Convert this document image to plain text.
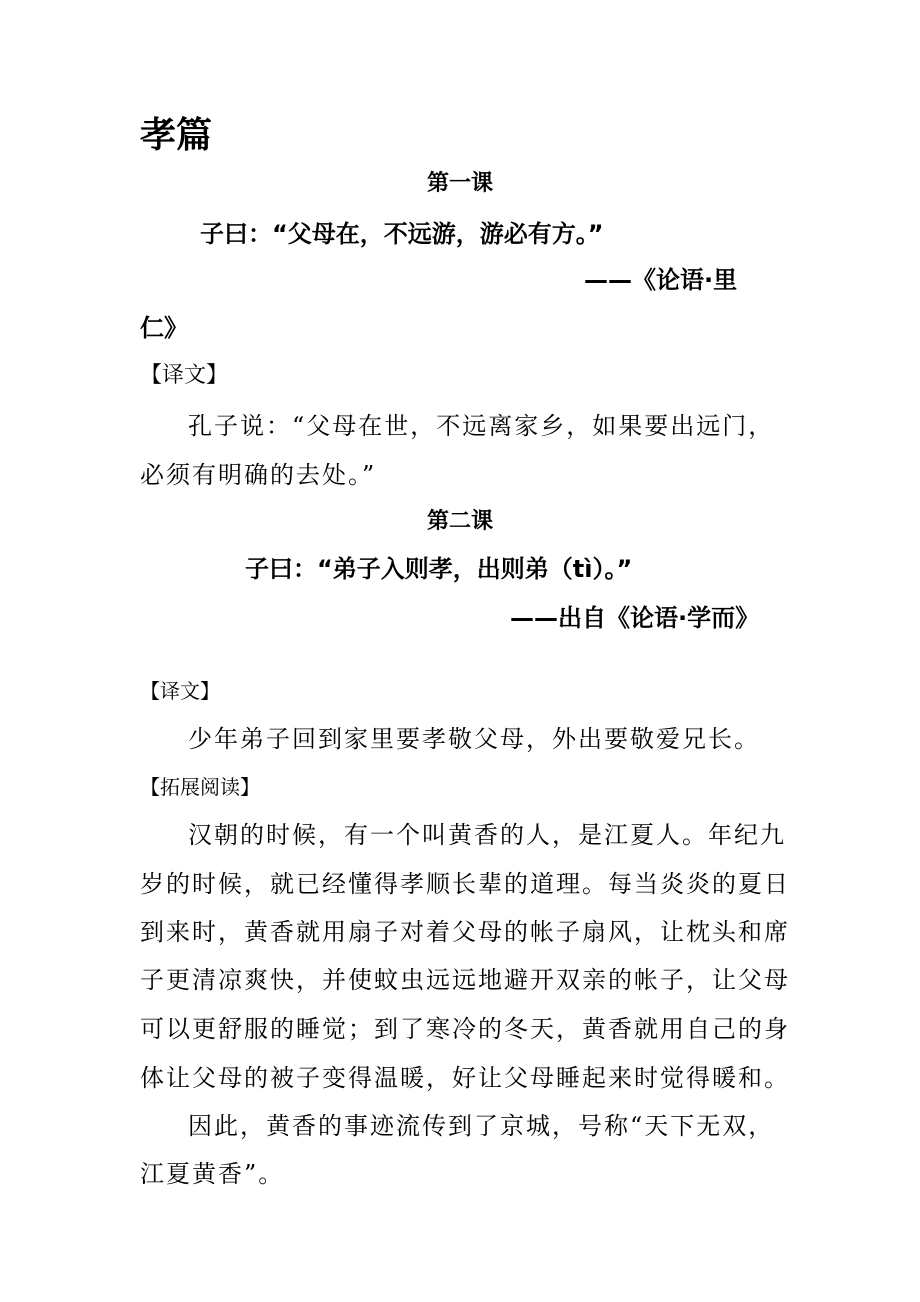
孝篇
第一课
子曰：“父母在，不远游，游必有方。”
——《论语·里
仁》
【译文】
孔子说：“父母在世，不远离家乡，如果要出远门，
必须有明确的去处。”
第二课
子曰：“弟子入则孝，出则弟（tì）。”
——出自《论语·学而》
【译文】
少年弟子回到家里要孝敬父母，外出要敬爱兄长。
【拓展阅读】
汉朝的时候，有一个叫黄香的人，是江夏人。年纪九
岁的时候，就已经懂得孝顺长辈的道理。每当炎炎的夏日
到来时，黄香就用扇子对着父母的帐子扇风，让枕头和席
子更清凉爽快，并使蚊虫远远地避开双亲的帐子，让父母
可以更舒服的睡觉；到了寒冷的冬天，黄香就用自己的身
体让父母的被子变得温暖，好让父母睡起来时觉得暖和。
因此，黄香的事迹流传到了京城，号称“天下无双，
江夏黄香”。
